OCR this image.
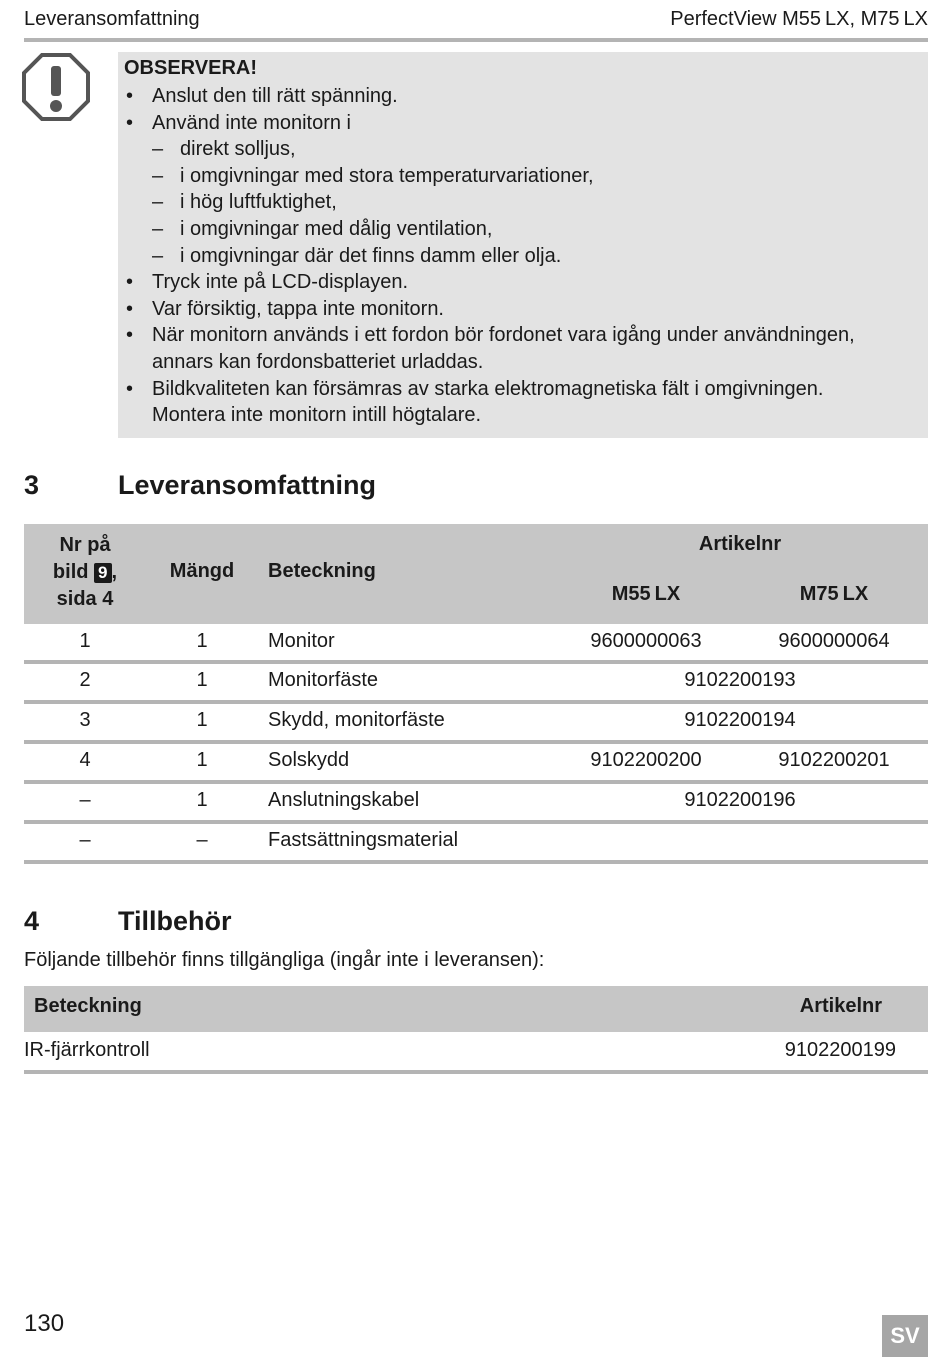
Leveransomfattning	PerfectView M55 LX, M75 LX
OBSERVERA!
• Anslut den till rätt spänning.
• Använd inte monitorn i
– direkt solljus,
– i omgivningar med stora temperaturvariationer,
– i hög luftfuktighet,
– i omgivningar med dålig ventilation,
– i omgivningar där det finns damm eller olja.
• Tryck inte på LCD-displayen.
• Var försiktig, tappa inte monitorn.
• När monitorn används i ett fordon bör fordonet vara igång under användningen,
annars kan fordonsbatteriet urladdas.
• Bildkvaliteten kan försämras av starka elektromagnetiska fält i omgivningen.
Montera inte monitorn intill högtalare.
3	Leveransomfattning
Nr på
bild 9 ,
sida 4
Mängd	Beteckning
Artikelnr
M55 LX	M75 LX
1	1	Monitor	9600000063	9600000064
2	1	Monitorfäste	9102200193
3	1	Skydd, monitorfäste	9102200194
4	1	Solskydd	9102200200	9102200201
–	1	Anslutningskabel	9102200196
–	–	Fastsättningsmaterial
4	Tillbehör
Följande tillbehör finns tillgängliga (ingår inte i leveransen):
Beteckning	Artikelnr
IR-fjärrkontroll	9102200199
130	SV
